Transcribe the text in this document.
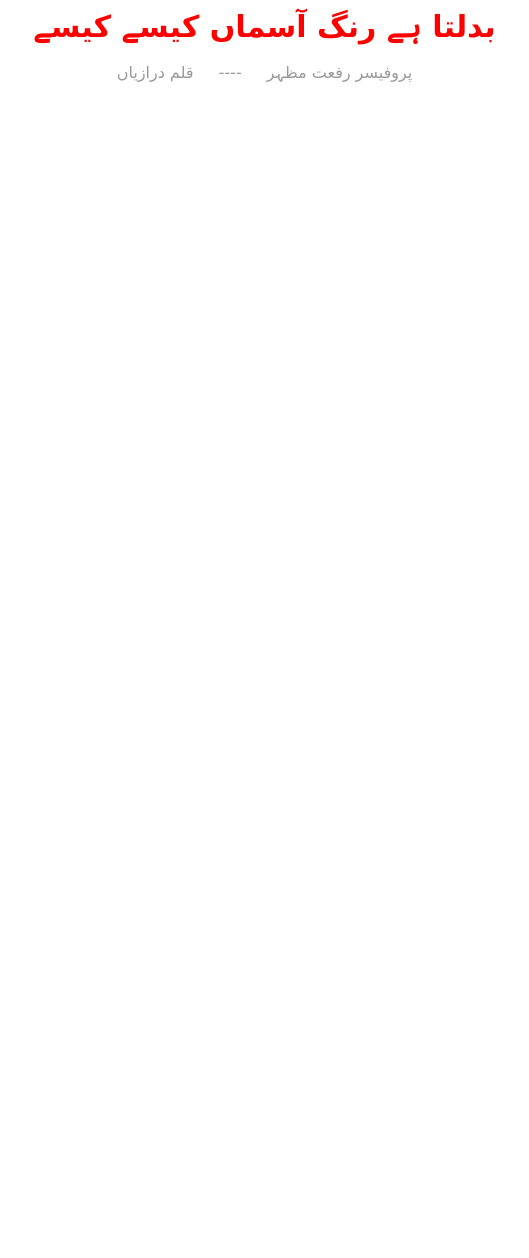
بدلتا ہے رنگ آسماں کیسے کیسے
پروفیسر رفعت مظہر ---- قلم درازیاں
